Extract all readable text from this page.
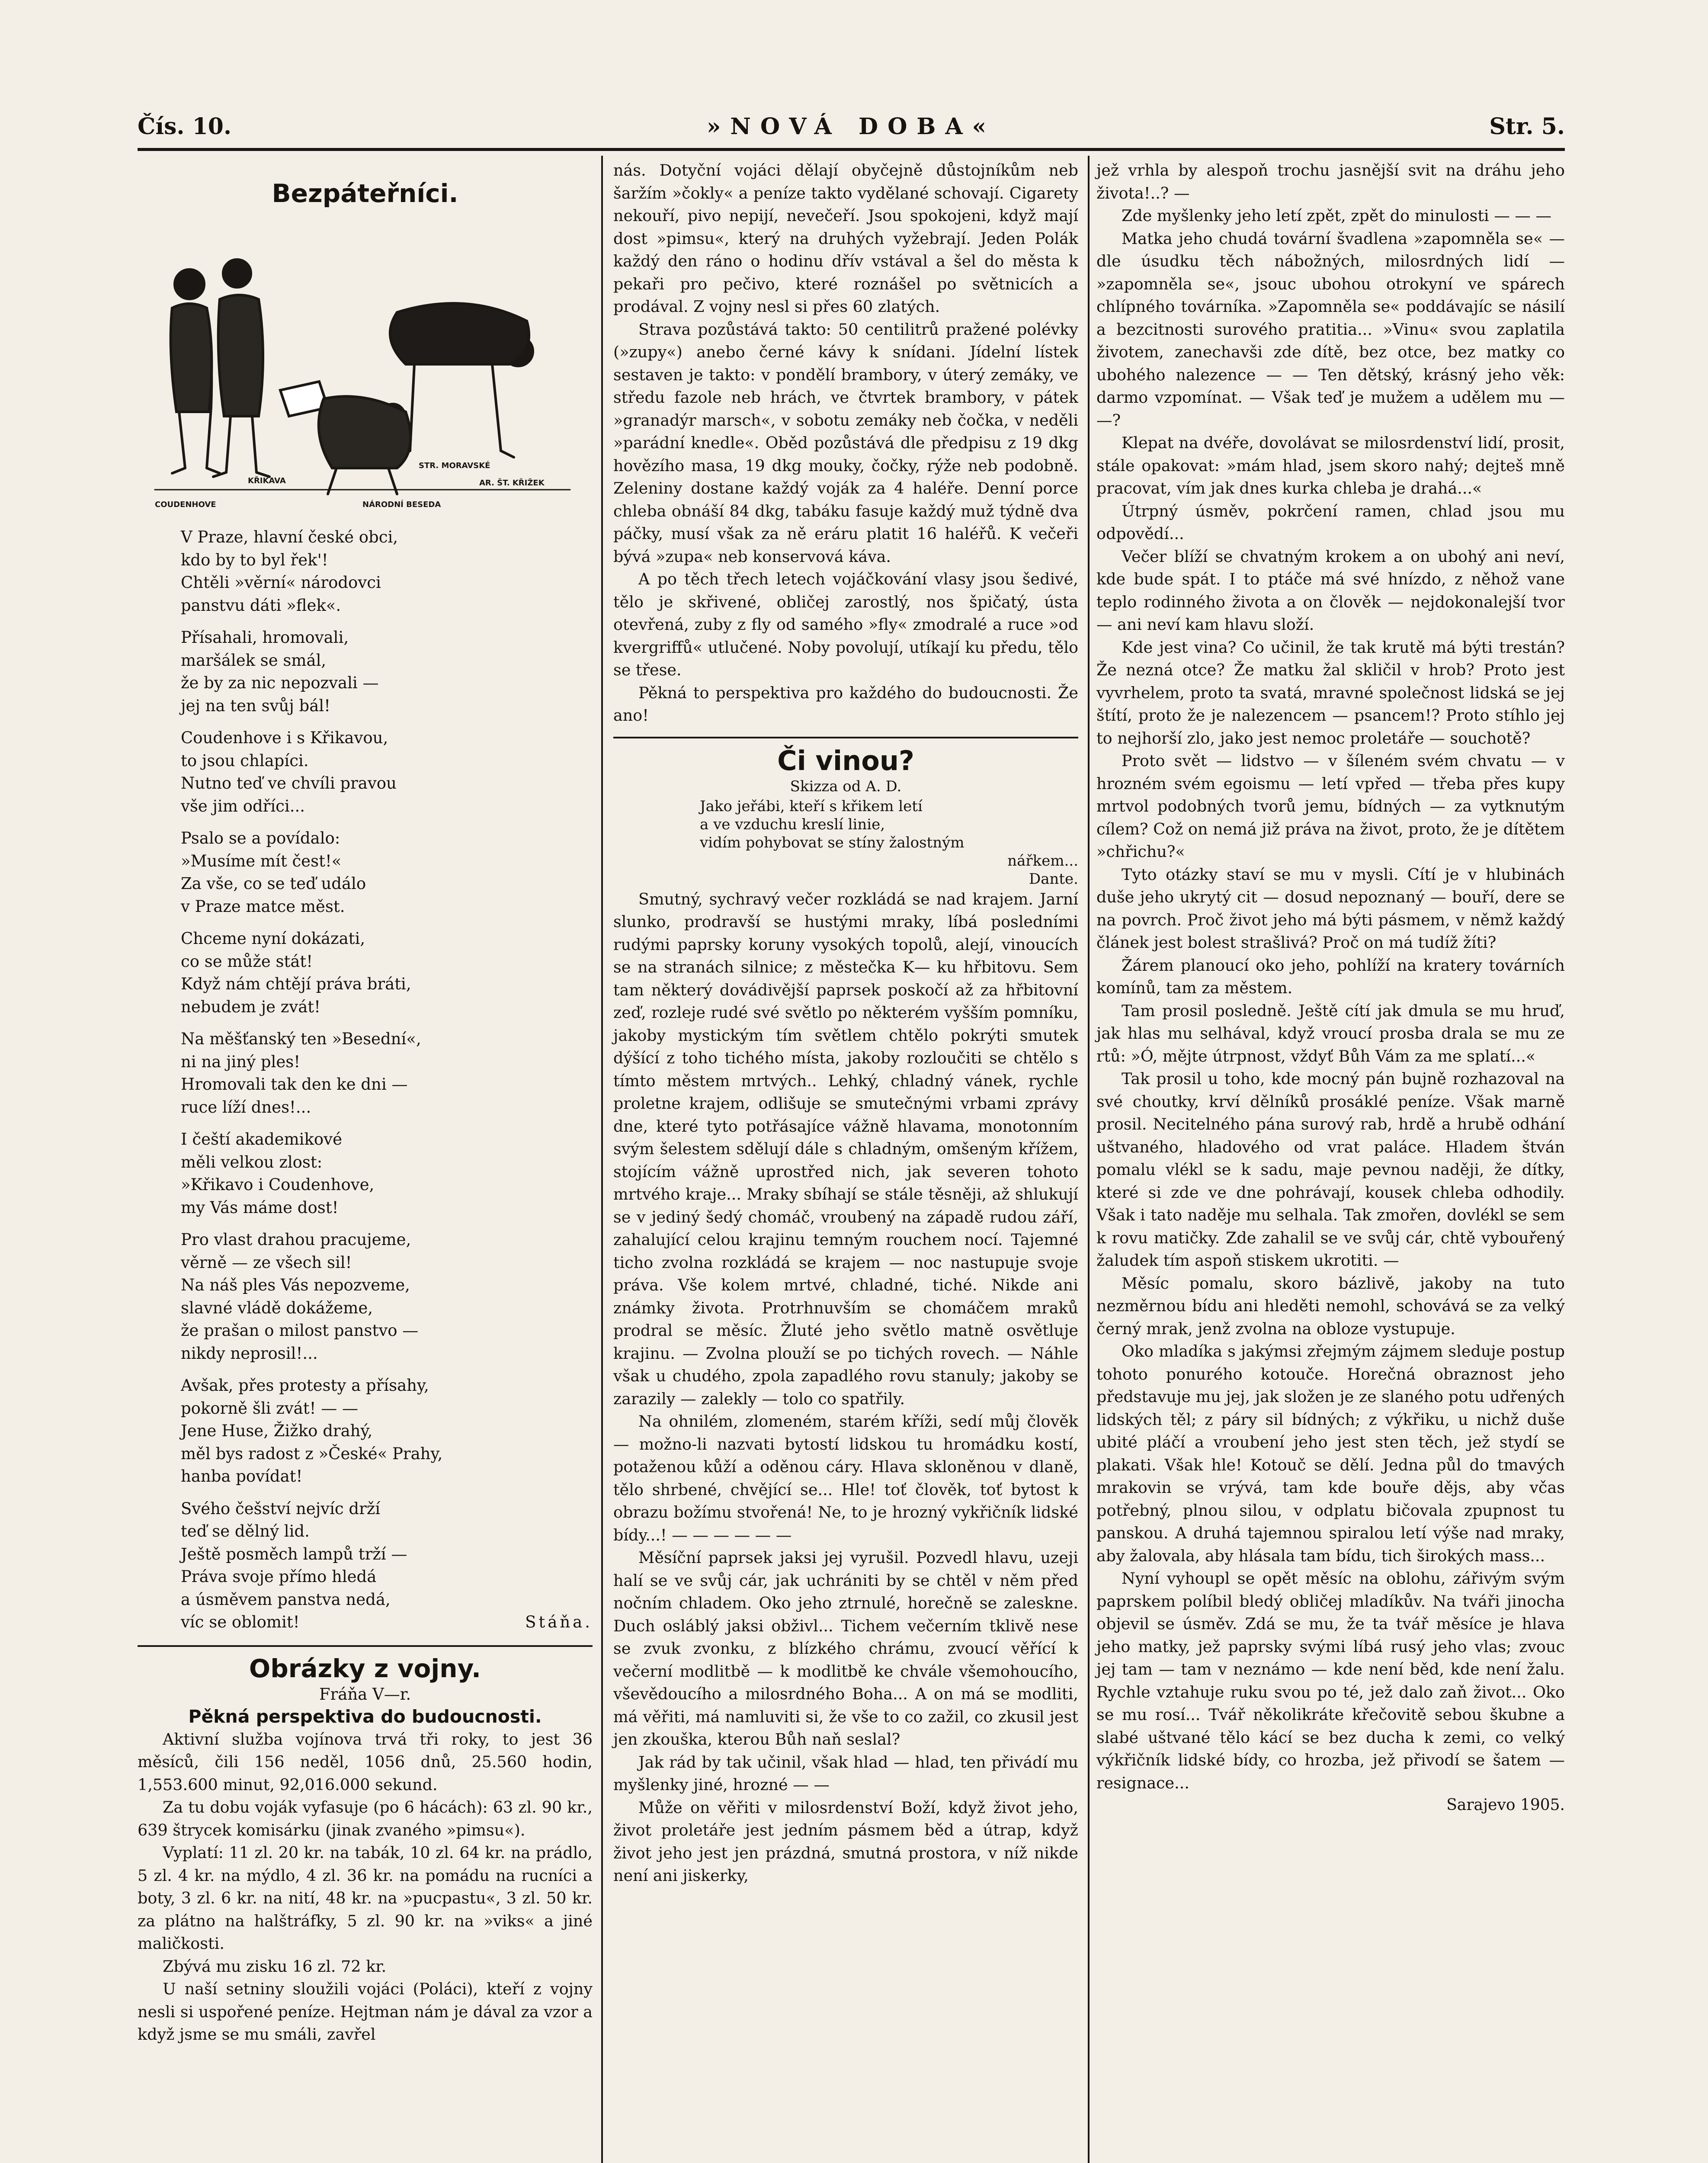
Čís. 10.	»NOVÁ DOBA«	Str. 5.
Bezpáteřníci.
KŘIKAVA
NÁRODNÍ BESEDA
STR. MORAVSKÉ
AR. ŠT. KŘIŽEK
COUDENHOVE
V Praze, hlavní české obci,
kdo by to byl řek'!
Chtěli »věrní« národovci
panstvu dáti »flek«.
Přísahali, hromovali,
maršálek se smál,
že by za nic nepozvali —
jej na ten svůj bál!
Coudenhove i s Křikavou,
to jsou chlapíci.
Nutno teď ve chvíli pravou
vše jim odříci...
Psalo se a povídalo:
»Musíme mít čest!«
Za vše, co se teď událo
v Praze matce měst.
Chceme nyní dokázati,
co se může stát!
Když nám chtějí práva bráti,
nebudem je zvát!
Na měšťanský ten »Besední«,
ni na jiný ples!
Hromovali tak den ke dni —
ruce líží dnes!...
I čeští akademikové
měli velkou zlost:
»Křikavo i Coudenhove,
my Vás máme dost!
Pro vlast drahou pracujeme,
věrně — ze všech sil!
Na náš ples Vás nepozveme,
slavné vládě dokážeme,
že prašan o milost panstvo —
nikdy neprosil!...
Avšak, přes protesty a přísahy,
pokorně šli zvát! — —
Jene Huse, Žižko drahý,
měl bys radost z »České« Prahy,
hanba povídat!
Svého češství nejvíc drží
teď se dělný lid.
Ještě posměch lampů trží —
Práva svoje přímo hledá
a úsměvem panstva nedá,
víc se oblomit!	Stáňa.
Obrázky z vojny.
Fráňa V—r.
Pěkná perspektiva do budoucnosti.

Aktivní služba vojínova trvá tři roky, to jest 36 měsíců, čili 156 neděl, 1056 dnů, 25.560 hodin, 1,553.600 minut, 92,016.000 sekund.

Za tu dobu voják vyfasuje (po 6 hácách): 63 zl. 90 kr., 639 štrycek komisárku (jinak zvaného »pimsu«).

Vyplatí: 11 zl. 20 kr. na tabák, 10 zl. 64 kr. na prádlo, 5 zl. 4 kr. na mýdlo, 4 zl. 36 kr. na pomádu na rucníci a boty, 3 zl. 6 kr. na nití, 48 kr. na »pucpastu«, 3 zl. 50 kr. za plátno na halštráfky, 5 zl. 90 kr. na »viks« a jiné maličkosti.

Zbývá mu zisku 16 zl. 72 kr.

U naší setniny sloužili vojáci (Poláci), kteří z vojny nesli si uspořené peníze. Hejtman nám je dával za vzor a když jsme se mu smáli, zavřel

nás. Dotyční vojáci dělají obyčejně důstojníkům neb šaržím »čokly« a peníze takto vydělané schovají. Cigarety nekouří, pivo nepijí, nevečeří. Jsou spokojeni, když mají dost »pimsu«, který na druhých vyžebrají. Jeden Polák každý den ráno o hodinu dřív vstával a šel do města k pekaři pro pečivo, které roznášel po světnicích a prodával. Z vojny nesl si přes 60 zlatých.

Strava pozůstává takto: 50 centilitrů pražené polévky (»zupy«) anebo černé kávy k snídani. Jídelní lístek sestaven je takto: v pondělí brambory, v úterý zemáky, ve středu fazole neb hrách, ve čtvrtek brambory, v pátek »granadýr marsch«, v sobotu zemáky neb čočka, v neděli »parádní knedle«. Oběd pozůstává dle předpisu z 19 dkg hovězího masa, 19 dkg mouky, čočky, rýže neb podobně. Zeleniny dostane každý voják za 4 haléře. Denní porce chleba obnáší 84 dkg, tabáku fasuje každý muž týdně dva páčky, musí však za ně eráru platit 16 haléřů. K večeři bývá »zupa« neb konservová káva.

A po těch třech letech vojáčkování vlasy jsou šedivé, tělo je skřivené, obličej zarostlý, nos špičatý, ústa otevřená, zuby z fly od samého »fly« zmodralé a ruce »od kvergriffů« utlučené. Noby povolují, utíkají ku předu, tělo se třese.

Pěkná to perspektiva pro každého do budoucnosti. Že ano!

Či vinou?
Skizza od A. D.
Jako jeřábi, kteří s křikem letí
a ve vzduchu kreslí linie,
vidím pohybovat se stíny žalostným
nářkem...
Dante.

Smutný, sychravý večer rozkládá se nad krajem. Jarní slunko, prodravší se hustými mraky, líbá posledními rudými paprsky koruny vysokých topolů, alejí, vinoucích se na stranách silnice; z městečka K— ku hřbitovu. Sem tam některý dovádivější paprsek poskočí až za hřbitovní zeď, rozleje rudé své světlo po některém vyšším pomníku, jakoby mystickým tím světlem chtělo pokrýti smutek dýšící z toho tichého místa, jakoby rozloučiti se chtělo s tímto městem mrtvých.. Lehký, chladný vánek, rychle proletne krajem, odlišuje se smutečnými vrbami zprávy dne, které tyto potřásajíce vážně hlavama, monotonním svým šelestem sdělují dále s chladným, omšeným křížem, stojícím vážně uprostřed nich, jak severen tohoto mrtvého kraje... Mraky sbíhají se stále těsněji, až shlukují se v jediný šedý chomáč, vroubený na západě rudou září, zahalující celou krajinu temným rouchem nocí. Tajemné ticho zvolna rozkládá se krajem — noc nastupuje svoje práva. Vše kolem mrtvé, chladné, tiché. Nikde ani známky života. Protrhnuvším se chomáčem mraků prodral se měsíc. Žluté jeho světlo matně osvětluje krajinu. — Zvolna plouží se po tichých rovech. — Náhle však u chudého, zpola zapadlého rovu stanuly; jakoby se zarazily — zalekly — tolo co spatřily.

Na ohnilém, zlomeném, starém kříži, sedí můj člověk — možno-li nazvati bytostí lidskou tu hromádku kostí, potaženou kůží a oděnou cáry. Hlava skloněnou v dlaně, tělo shrbené, chvějící se... Hle! toť člověk, toť bytost k obrazu božímu stvořená! Ne, to je hrozný vykřičník lidské bídy...! — — — — — —

Měsíční paprsek jaksi jej vyrušil. Pozvedl hlavu, uzeji halí se ve svůj cár, jak uchrániti by se chtěl v něm před nočním chladem. Oko jeho ztrnulé, horečně se zaleskne. Duch osláblý jaksi obživl... Tichem večerním tklivě nese se zvuk zvonku, z blízkého chrámu, zvoucí věřící k večerní modlitbě — k modlitbě ke chvále všemohoucího, vševědoucího a milosrdného Boha... A on má se modliti, má věřiti, má namluviti si, že vše to co zažil, co zkusil jest jen zkouška, kterou Bůh naň seslal?

Jak rád by tak učinil, však hlad — hlad, ten přivádí mu myšlenky jiné, hrozné — —

Může on věřiti v milosrdenství Boží, když život jeho, život proletáře jest jedním pásmem běd a útrap, když život jeho jest jen prázdná, smutná prostora, v níž nikde není ani jiskerky,

jež vrhla by alespoň trochu jasnější svit na dráhu jeho života!..? —

Zde myšlenky jeho letí zpět, zpět do minulosti — — —

Matka jeho chudá tovární švadlena »zapomněla se« — dle úsudku těch nábožných, milosrdných lidí — »zapomněla se«, jsouc ubohou otrokyní ve spárech chlípného továrníka. »Zapomněla se« poddávajíc se násilí a bezcitnosti surového pratitia... »Vinu« svou zaplatila životem, zanechavši zde dítě, bez otce, bez matky co ubohého nalezence — — Ten dětský, krásný jeho věk: darmo vzpomínat. — Však teď je mužem a udělem mu — —?

Klepat na dvéře, dovolávat se milosrdenství lidí, prosit, stále opakovat: »mám hlad, jsem skoro nahý; dejteš mně pracovat, vím jak dnes kurka chleba je drahá...«

Útrpný úsměv, pokrčení ramen, chlad jsou mu odpovědí...

Večer blíží se chvatným krokem a on ubohý ani neví, kde bude spát. I to ptáče má své hnízdo, z něhož vane teplo rodinného života a on člověk — nejdokonalejší tvor — ani neví kam hlavu složí.

Kde jest vina? Co učinil, že tak krutě má býti trestán? Že nezná otce? Že matku žal skličil v hrob? Proto jest vyvrhelem, proto ta svatá, mravné společnost lidská se jej štítí, proto že je nalezencem — psancem!? Proto stíhlo jej to nejhorší zlo, jako jest nemoc proletáře — souchotě?

Proto svět — lidstvo — v šíleném svém chvatu — v hrozném svém egoismu — letí vpřed — třeba přes kupy mrtvol podobných tvorů jemu, bídných — za vytknutým cílem? Což on nemá již práva na život, proto, že je dítětem »chřichu?«

Tyto otázky staví se mu v mysli. Cítí je v hlubinách duše jeho ukrytý cit — dosud nepoznaný — bouří, dere se na povrch. Proč život jeho má býti pásmem, v němž každý článek jest bolest strašlivá? Proč on má tudíž žíti?

Žárem planoucí oko jeho, pohlíží na kratery továrních komínů, tam za městem.

Tam prosil posledně. Ještě cítí jak dmula se mu hruď, jak hlas mu selhával, když vroucí prosba drala se mu ze rtů: »Ó, mějte útrpnost, vždyť Bůh Vám za me splatí...«

Tak prosil u toho, kde mocný pán bujně rozhazoval na své choutky, krví dělníků prosáklé peníze. Však marně prosil. Necitelného pána surový rab, hrdě a hrubě odhání uštvaného, hladového od vrat paláce. Hladem štván pomalu vlékl se k sadu, maje pevnou naději, že dítky, které si zde ve dne pohrávají, kousek chleba odhodily. Však i tato naděje mu selhala. Tak zmořen, dovlékl se sem k rovu matičky. Zde zahalil se ve svůj cár, chtě vybouřený žaludek tím aspoň stiskem ukrotiti. —

Měsíc pomalu, skoro bázlivě, jakoby na tuto nezměrnou bídu ani hleděti nemohl, schovává se za velký černý mrak, jenž zvolna na obloze vystupuje.

Oko mladíka s jakýmsi zřejmým zájmem sleduje postup tohoto ponurého kotouče. Horečná obraznost jeho představuje mu jej, jak složen je ze slaného potu udřených lidských těl; z páry sil bídných; z výkřiku, u nichž duše ubité pláčí a vroubení jeho jest sten těch, jež stydí se plakati. Však hle! Kotouč se dělí. Jedna půl do tmavých mrakovin se vrývá, tam kde bouře dějs, aby včas potřebný, plnou silou, v odplatu bičovala zpupnost tu panskou. A druhá tajemnou spiralou letí výše nad mraky, aby žalovala, aby hlásala tam bídu, tich širokých mass...

Nyní vyhoupl se opět měsíc na oblohu, zářivým svým paprskem políbil bledý obličej mladíkův. Na tváři jinocha objevil se úsměv. Zdá se mu, že ta tvář měsíce je hlava jeho matky, jež paprsky svými líbá rusý jeho vlas; zvouc jej tam — tam v neznámo — kde není běd, kde není žalu. Rychle vztahuje ruku svou po té, jež dalo zaň život... Oko se mu rosí... Tvář několikráte křečovitě sebou škubne a slabé uštvané tělo kácí se bez ducha k zemi, co velký výkřičník lidské bídy, co hrozba, jež přivodí se šatem — resignace...

Sarajevo 1905.
